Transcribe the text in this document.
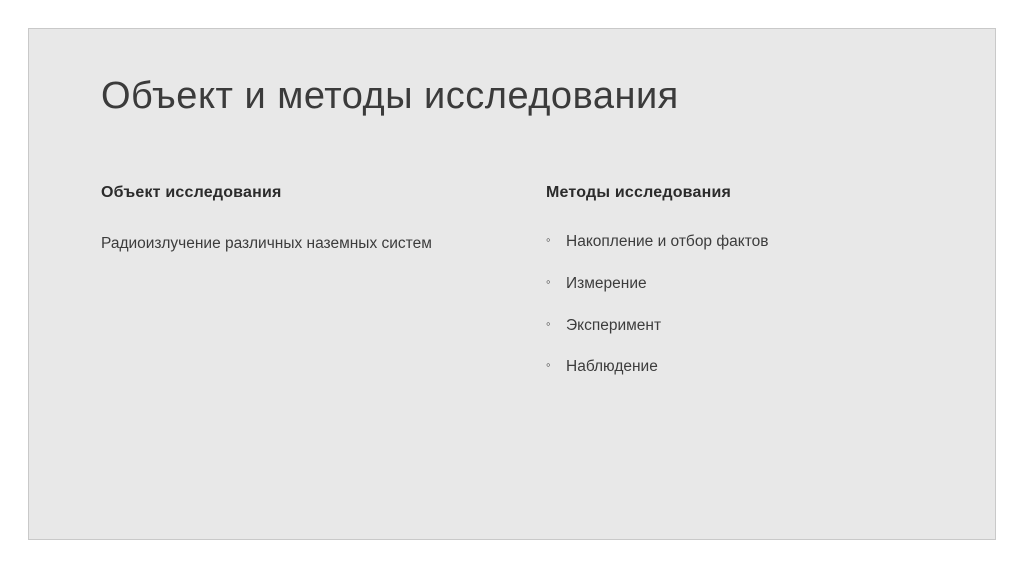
Объект и методы исследования
Объект исследования
Радиоизлучение различных наземных систем
Методы исследования
◦ Накопление и отбор фактов
◦ Измерение
◦ Эксперимент
◦ Наблюдение
